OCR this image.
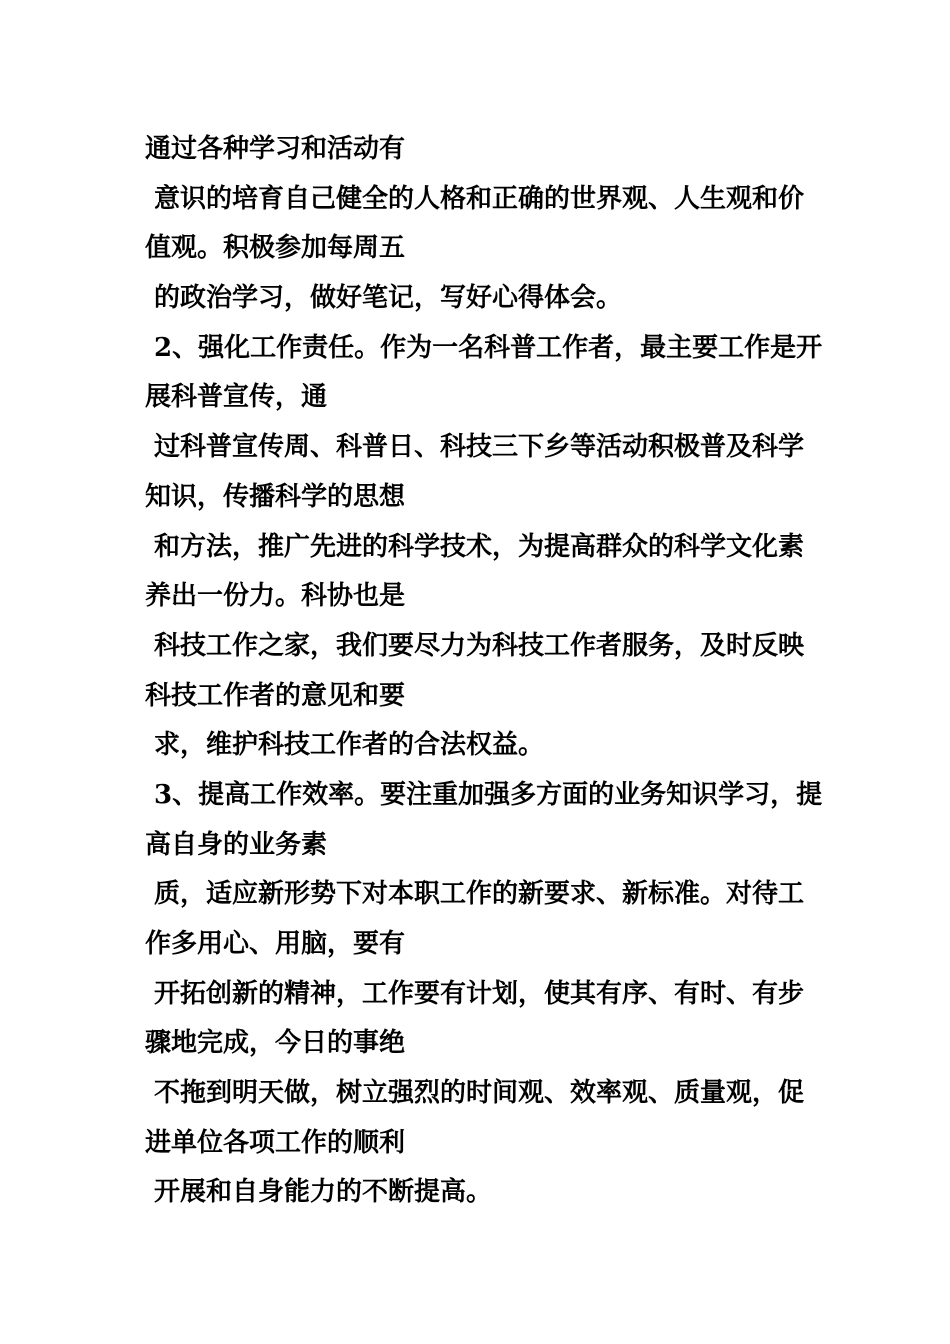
通过各种学习和活动有
意识的培育自己健全的人格和正确的世界观、人生观和价
值观。积极参加每周五
的政治学习，做好笔记，写好心得体会。
2、强化工作责任。作为一名科普工作者，最主要工作是开
展科普宣传，通
过科普宣传周、科普日、科技三下乡等活动积极普及科学
知识，传播科学的思想
和方法，推广先进的科学技术，为提高群众的科学文化素
养出一份力。科协也是
科技工作之家，我们要尽力为科技工作者服务，及时反映
科技工作者的意见和要
求，维护科技工作者的合法权益。
3、提高工作效率。要注重加强多方面的业务知识学习，提
高自身的业务素
质，适应新形势下对本职工作的新要求、新标准。对待工
作多用心、用脑，要有
开拓创新的精神，工作要有计划，使其有序、有时、有步
骤地完成，今日的事绝
不拖到明天做，树立强烈的时间观、效率观、质量观，促
进单位各项工作的顺利
开展和自身能力的不断提高。
